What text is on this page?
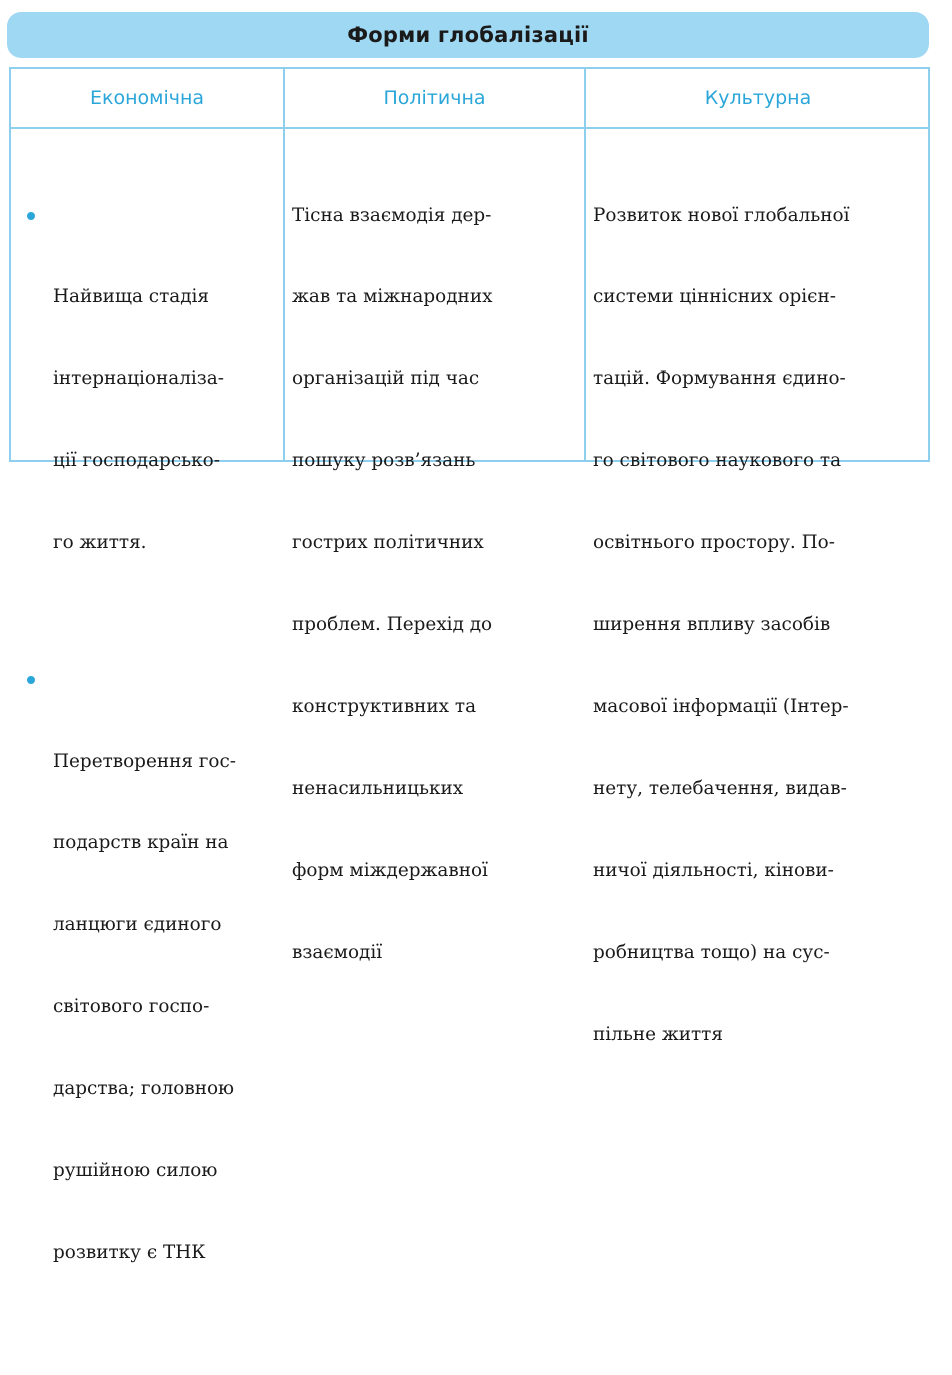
Форми глобалізації
Економічна	Політична	Культурна

Найвища стадія

інтернаціоналіза-

ції господарсько-

го життя.

Перетворення гос-

подарств країн на

ланцюги єдиного

світового госпо-

дарства; головною

рушійною силою

розвитку є ТНК

Тісна взаємодія дер-

жав та міжнародних

організацій під час

пошуку розв’язань

гострих політичних

проблем. Перехід до

конструктивних та

ненасильницьких

форм міждержавної

взаємодії

Розвиток нової глобальної

системи ціннісних орієн-

тацій. Формування єдино-

го світового наукового та

освітнього простору. По-

ширення впливу засобів

масової інформації (Інтер-

нету, телебачення, видав-

ничої діяльності, кінови-

робництва тощо) на сус-

пільне життя
